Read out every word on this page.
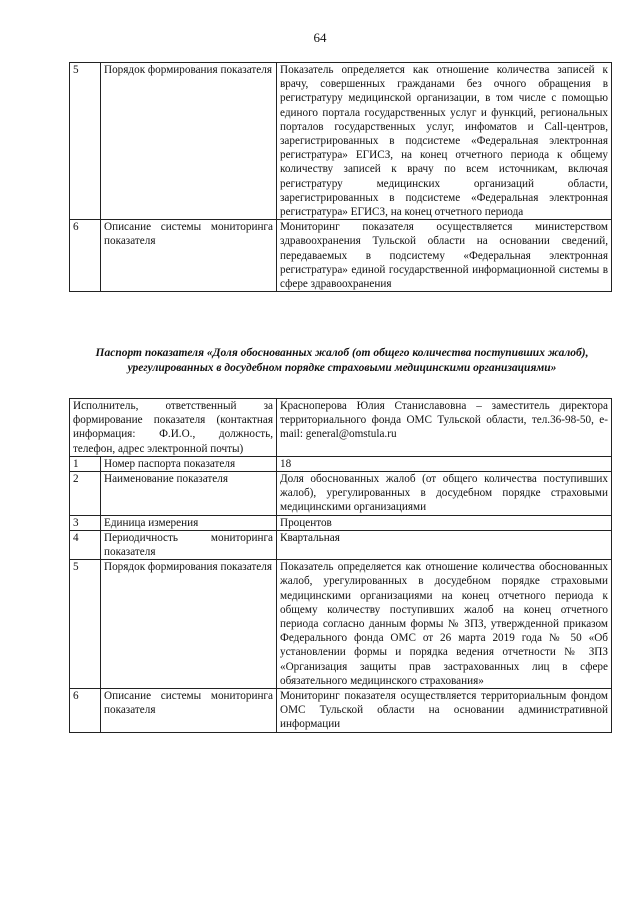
64
5	Порядок формирования показателя	Показатель определяется как отношение количества записей к врачу, совершенных гражданами без очного обращения в регистратуру медицинской организации, в том числе с помощью единого портала государственных услуг и функций, региональных порталов государственных услуг, инфоматов и Call-центров, зарегистрированных в подсистеме «Федеральная электронная регистратура» ЕГИСЗ, на конец отчетного периода к общему количеству записей к врачу по всем источникам, включая регистратуру медицинских организаций области, зарегистрированных в подсистеме «Федеральная электронная регистратура» ЕГИСЗ, на конец отчетного периода
6	Описание системы мониторинга показателя	Мониторинг показателя осуществляется министерством здравоохранения Тульской области на основании сведений, передаваемых в подсистему «Федеральная электронная регистратура» единой государственной информационной системы в сфере здравоохранения
Паспорт показателя «Доля обоснованных жалоб (от общего количества поступивших жалоб), урегулированных в досудебном порядке страховыми медицинскими организациями»
Исполнитель, ответственный за формирование показателя (контактная информация: Ф.И.О., должность, телефон, адрес электронной почты)		Красноперова Юлия Станиславовна – заместитель директора территориального фонда ОМС Тульской области, тел.36-98-50, e-mail: general@omstula.ru
1	Номер паспорта показателя	18
2	Наименование показателя	Доля обоснованных жалоб (от общего количества поступивших жалоб), урегулированных в досудебном порядке страховыми медицинскими организациями
3	Единица измерения	Процентов
4	Периодичность мониторинга показателя	Квартальная
5	Порядок формирования показателя	Показатель определяется как отношение количества обоснованных жалоб, урегулированных в досудебном порядке страховыми медицинскими организациями на конец отчетного периода к общему количеству поступивших жалоб на конец отчетного периода согласно данным формы № ЗПЗ, утвержденной приказом Федерального фонда ОМС от 26 марта 2019 года № 50 «Об установлении формы и порядка ведения отчетности № ЗПЗ «Организация защиты прав застрахованных лиц в сфере обязательного медицинского страхования»
6	Описание системы мониторинга показателя	Мониторинг показателя осуществляется территориальным фондом ОМС Тульской области на основании административной информации
